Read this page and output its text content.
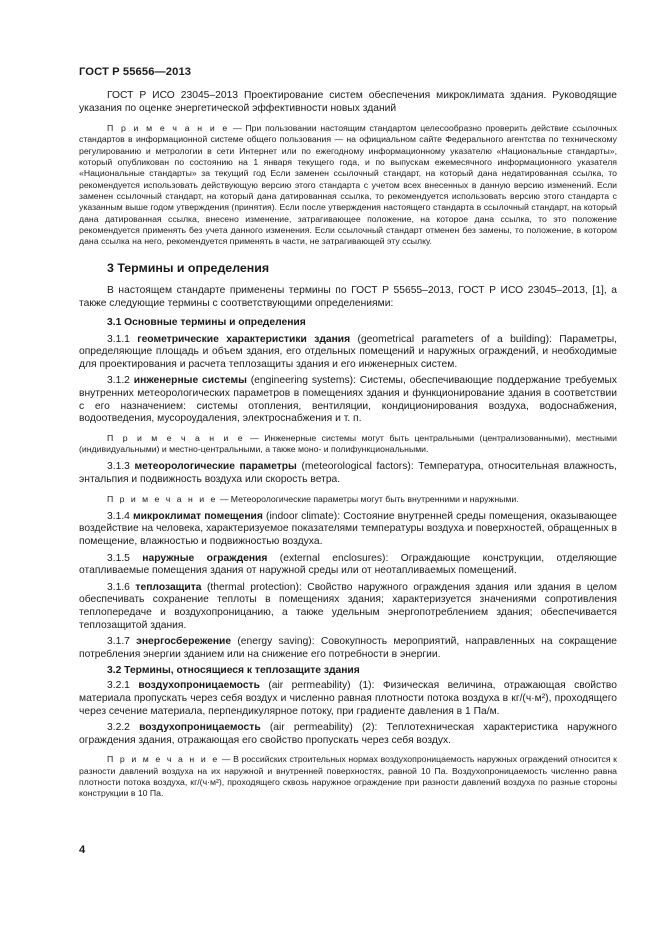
ГОСТ Р 55656—2013

ГОСТ Р ИСО 23045–2013 Проектирование систем обеспечения микроклимата здания. Руководящие указания по оценке энергетической эффективности новых зданий

П р и м е ч а н и е — При пользовании настоящим стандартом целесообразно проверить действие ссылочных стандартов в информационной системе общего пользования — на официальном сайте Федерального агентства по техническому регулированию и метрологии в сети Интернет или по ежегодному информационному указателю «Национальные стандарты», который опубликован по состоянию на 1 января текущего года, и по выпускам ежемесячного информационного указателя «Национальные стандарты» за текущий год Если заменен ссылочный стандарт, на который дана недатированная ссылка, то рекомендуется использовать действующую версию этого стандарта с учетом всех внесенных в данную версию изменений. Если заменен ссылочный стандарт, на который дана датированная ссылка, то рекомендуется использовать версию этого стандарта с указанным выше годом утверждения (принятия). Если после утверждения настоящего стандарта в ссылочный стандарт, на который дана датированная ссылка, внесено изменение, затрагивающее положение, на которое дана ссылка, то это положение рекомендуется применять без учета данного изменения. Если ссылочный стандарт отменен без замены, то положение, в котором дана ссылка на него, рекомендуется применять в части, не затрагивающей эту ссылку.

3 Термины и определения

В настоящем стандарте применены термины по ГОСТ Р 55655–2013, ГОСТ Р ИСО 23045–2013, [1], а также следующие термины с соответствующими определениями:

3.1 Основные термины и определения

3.1.1 геометрические характеристики здания (geometrical parameters of a building): Параметры, определяющие площадь и объем здания, его отдельных помещений и наружных ограждений, и необходимые для проектирования и расчета теплозащиты здания и его инженерных систем.

3.1.2 инженерные системы (engineering systems): Системы, обеспечивающие поддержание требуемых внутренних метеорологических параметров в помещениях здания и функционирование здания в соответствии с его назначением: системы отопления, вентиляции, кондиционирования воздуха, водоснабжения, водоотведения, мусороудаления, электроснабжения и т. п.

П р и м е ч а н и е — Инженерные системы могут быть центральными (централизованными), местными (индивидуальными) и местно-центральными, а также моно- и полифункциональными.

3.1.3 метеорологические параметры (meteorological factors): Температура, относительная влажность, энтальпия и подвижность воздуха или скорость ветра.

П р и м е ч а н и е — Метеорологические параметры могут быть внутренними и наружными.

3.1.4 микроклимат помещения (indoor climate): Состояние внутренней среды помещения, оказывающее воздействие на человека, характеризуемое показателями температуры воздуха и поверхностей, обращенных в помещение, влажностью и подвижностью воздуха.

3.1.5 наружные ограждения (external enclosures): Ограждающие конструкции, отделяющие отапливаемые помещения здания от наружной среды или от неотапливаемых помещений.

3.1.6 теплозащита (thermal protection): Свойство наружного ограждения здания или здания в целом обеспечивать сохранение теплоты в помещениях здания; характеризуется значениями сопротивления теплопередаче и воздухопроницанию, а также удельным энергопотреблением здания; обеспечивается теплозащитой здания.

3.1.7 энергосбережение (energy saving): Совокупность мероприятий, направленных на сокращение потребления энергии зданием или на снижение его потребности в энергии.

3.2 Термины, относящиеся к теплозащите здания

3.2.1 воздухопроницаемость (air permeability) (1): Физическая величина, отражающая свойство материала пропускать через себя воздух и численно равная плотности потока воздуха в кг/(ч·м²), проходящего через сечение материала, перпендикулярное потоку, при градиенте давления в 1 Па/м.

3.2.2 воздухопроницаемость (air permeability) (2): Теплотехническая характеристика наружного ограждения здания, отражающая его свойство пропускать через себя воздух.

П р и м е ч а н и е — В российских строительных нормах воздухопроницаемость наружных ограждений относится к разности давлений воздуха на их наружной и внутренней поверхностях, равной 10 Па. Воздухопроницаемость численно равна плотности потока воздуха, кг/(ч·м²), проходящего сквозь наружное ограждение при разности давлений воздуха по разные стороны конструкции в 10 Па.

4
